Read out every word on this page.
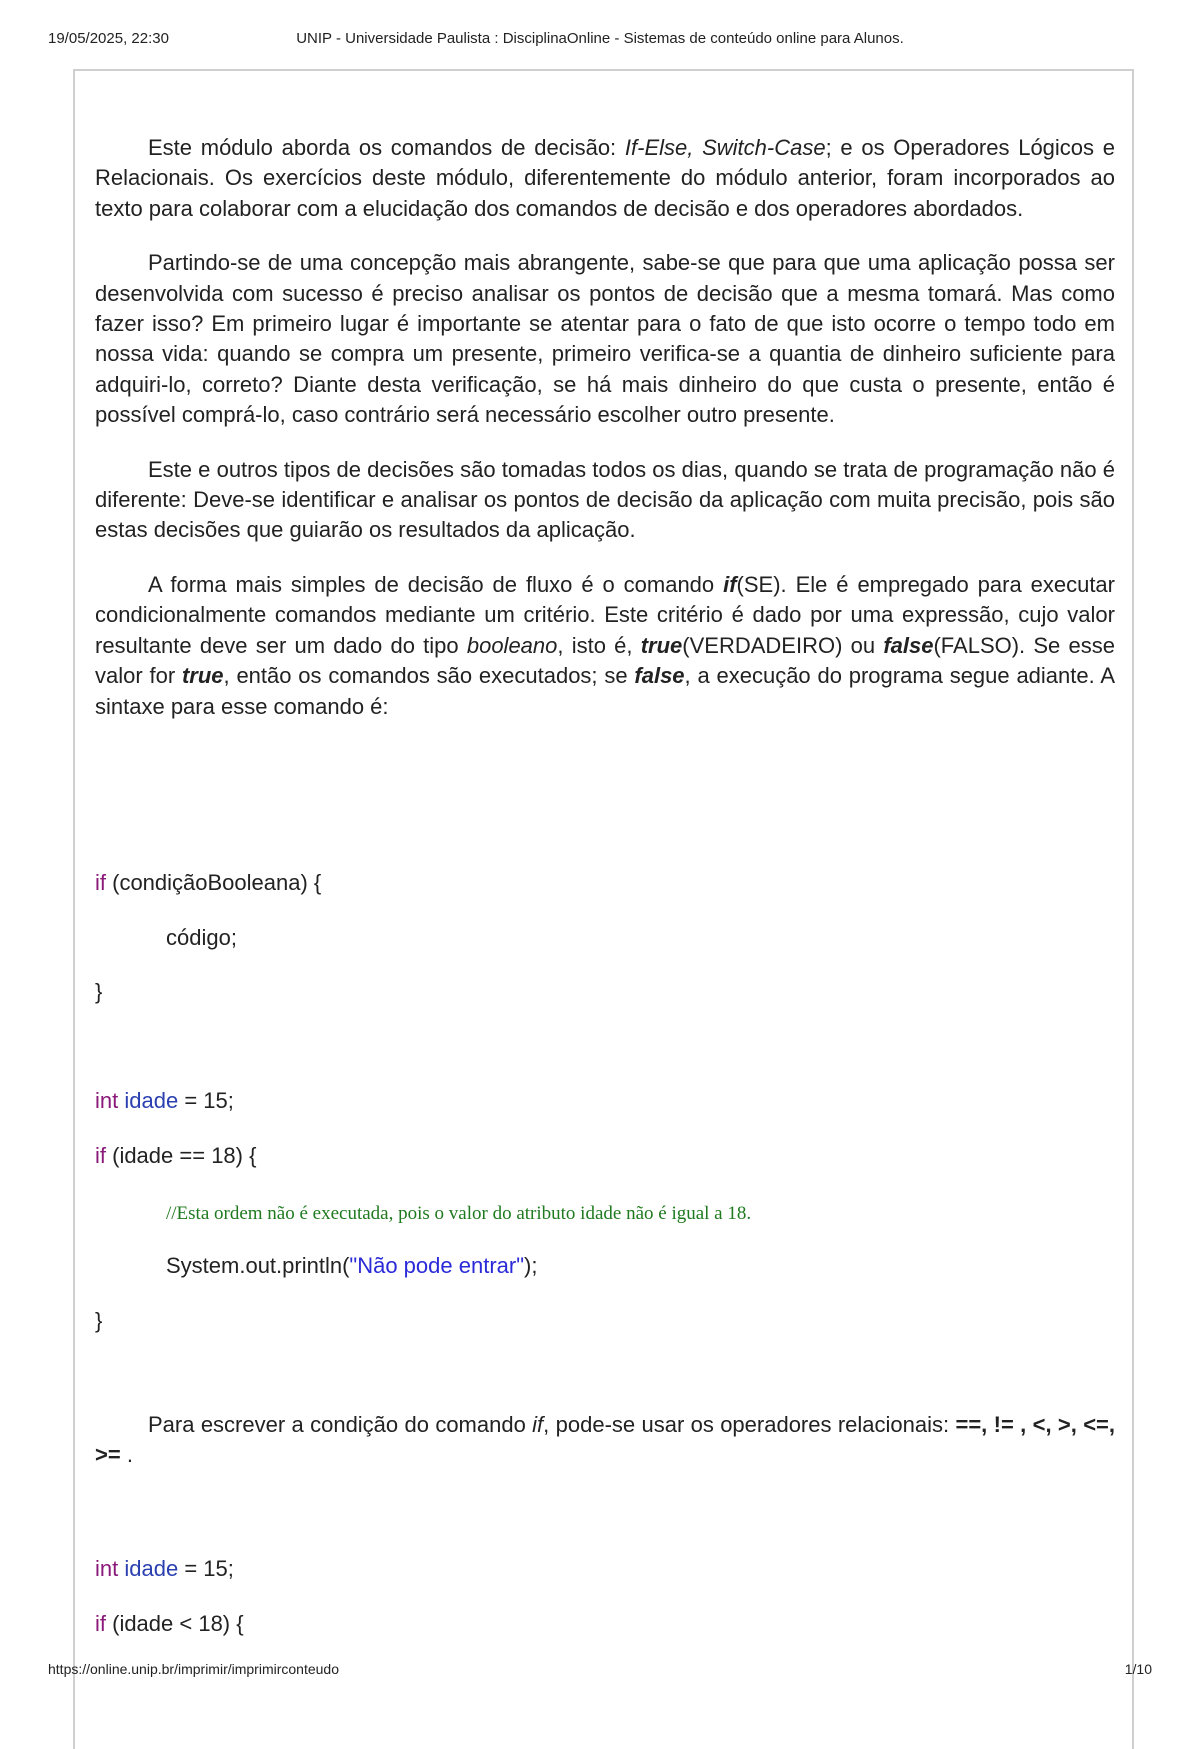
UNIP - Universidade Paulista : DisciplinaOnline - Sistemas de conteúdo online para Alunos.
19/05/2025, 22:30

Este módulo aborda os comandos de decisão: If-Else, Switch-Case; e os Operadores Lógicos e Relacionais. Os exercícios deste módulo, diferentemente do módulo anterior, foram incorporados ao texto para colaborar com a elucidação dos comandos de decisão e dos operadores abordados.

Partindo-se de uma concepção mais abrangente, sabe-se que para que uma aplicação possa ser desenvolvida com sucesso é preciso analisar os pontos de decisão que a mesma tomará. Mas como fazer isso? Em primeiro lugar é importante se atentar para o fato de que isto ocorre o tempo todo em nossa vida: quando se compra um presente, primeiro verifica-se a quantia de dinheiro suficiente para adquiri-lo, correto? Diante desta verificação, se há mais dinheiro do que custa o presente, então é possível comprá-lo, caso contrário será necessário escolher outro presente.

Este e outros tipos de decisões são tomadas todos os dias, quando se trata de programação não é diferente: Deve-se identificar e analisar os pontos de decisão da aplicação com muita precisão, pois são estas decisões que guiarão os resultados da aplicação.

A forma mais simples de decisão de fluxo é o comando if(SE). Ele é empregado para executar condicionalmente comandos mediante um critério. Este critério é dado por uma expressão, cujo valor resultante deve ser um dado do tipo booleano, isto é, true(VERDADEIRO) ou false(FALSO). Se esse valor for true, então os comandos são executados; se false, a execução do programa segue adiante. A sintaxe para esse comando é:

if (condiçãoBooleana) {
código;
}
int idade = 15;
if (idade == 18) {
//Esta ordem não é executada, pois o valor do atributo idade não é igual a 18.
System.out.println("Não pode entrar");
}

Para escrever a condição do comando if, pode-se usar os operadores relacionais: ==, != , <, >, <=, >= .

int idade = 15;
if (idade < 18) {
https://online.unip.br/imprimir/imprimirconteudo	1/10
